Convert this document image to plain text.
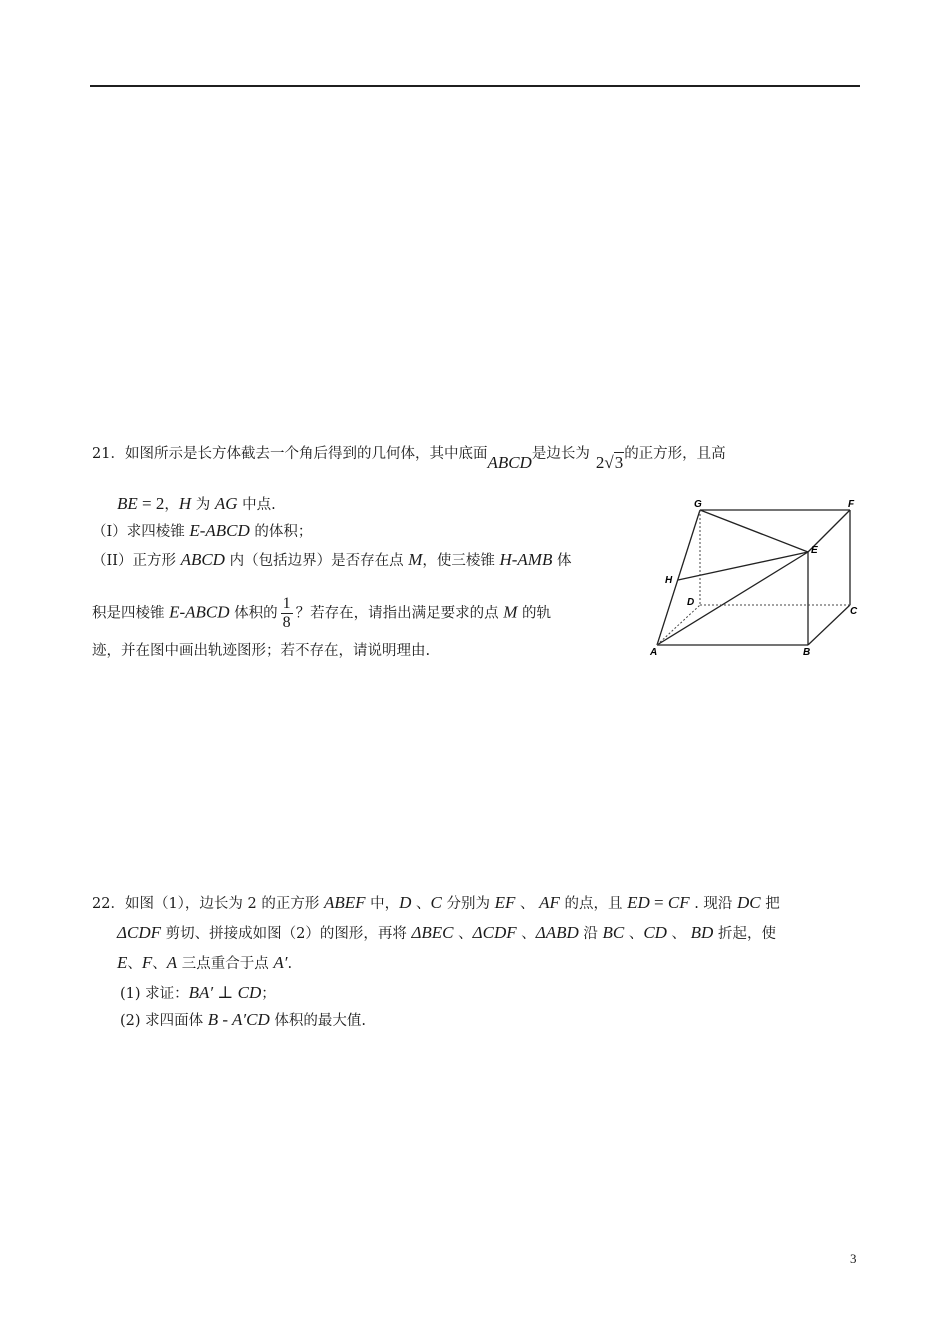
21．如图所示是长方体截去一个角后得到的几何体，其中底面ABCD是边长为 2√3的正方形，且高
BE = 2，H 为 AG 中点.
（I）求四棱锥 E-ABCD 的体积；
（II）正方形 ABCD 内（包括边界）是否存在点 M，使三棱锥 H-AMB 体
积是四棱锥 E-ABCD 体积的 $\frac{1}{8}$ ？若存在，请指出满足要求的点 M 的轨
迹，并在图中画出轨迹图形；若不存在，请说明理由.
G	F
E
H
D
C
A	B
22．如图（1），边长为 2 的正方形 ABEF 中，D 、C 分别为 EF 、 AF 的点，且 ED = CF . 现沿 DC 把
ΔCDF 剪切、拼接成如图（2）的图形，再将 ΔBEC 、ΔCDF 、ΔABD 沿 BC 、CD 、 BD 折起，使
E、F、A 三点重合于点 A′.
(1) 求证：BA′ ⊥ CD；
(2) 求四面体 B - A′CD 体积的最大值.
3
